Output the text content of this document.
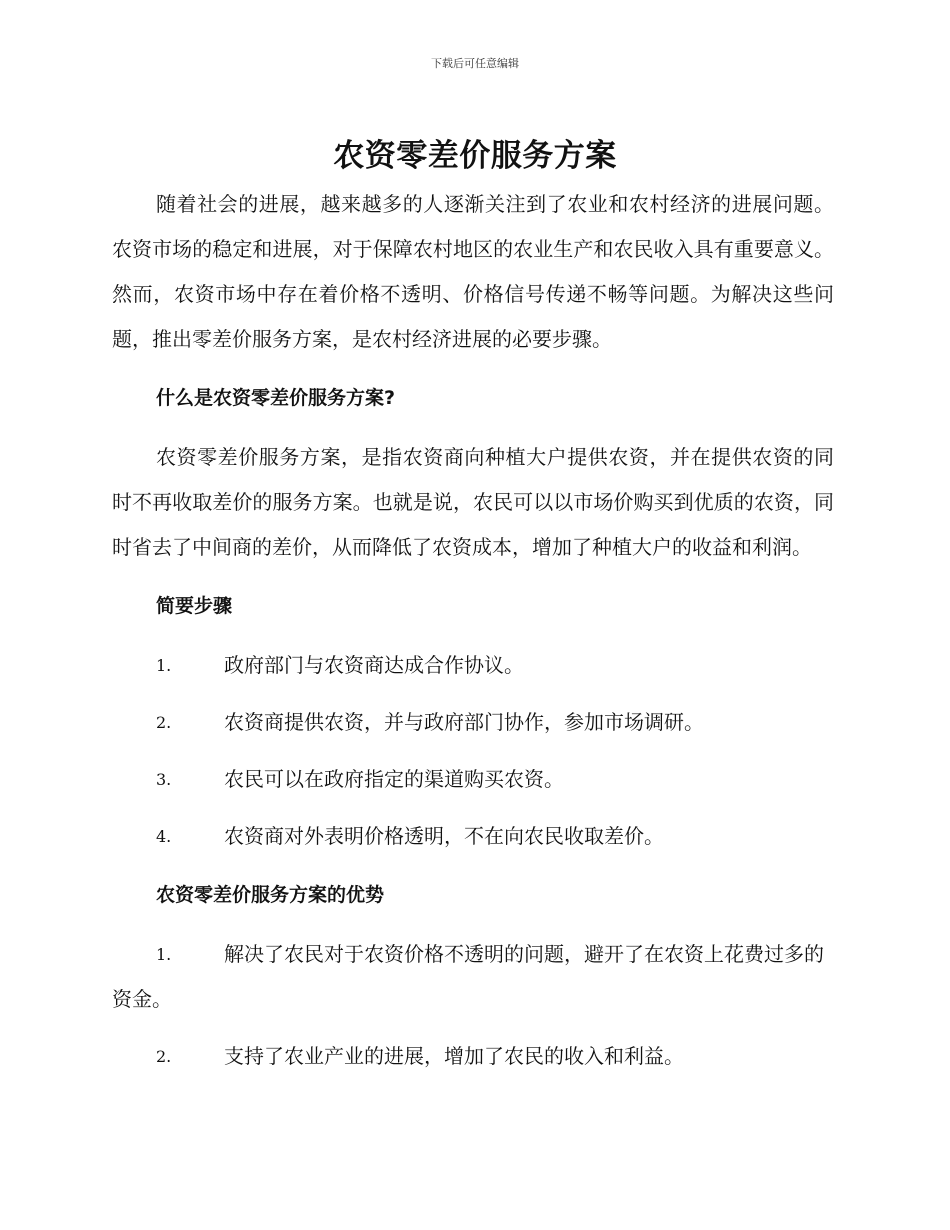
下载后可任意编辑
农资零差价服务方案

随着社会的进展，越来越多的人逐渐关注到了农业和农村经济的进展问题。农资市场的稳定和进展，对于保障农村地区的农业生产和农民收入具有重要意义。然而，农资市场中存在着价格不透明、价格信号传递不畅等问题。为解决这些问题，推出零差价服务方案，是农村经济进展的必要步骤。

什么是农资零差价服务方案?

农资零差价服务方案，是指农资商向种植大户提供农资，并在提供农资的同时不再收取差价的服务方案。也就是说，农民可以以市场价购买到优质的农资，同时省去了中间商的差价，从而降低了农资成本，增加了种植大户的收益和利润。

简要步骤
1.	政府部门与农资商达成合作协议。
2.	农资商提供农资，并与政府部门协作，参加市场调研。
3.	农民可以在政府指定的渠道购买农资。
4.	农资商对外表明价格透明，不在向农民收取差价。
农资零差价服务方案的优势
1.	解决了农民对于农资价格不透明的问题，避开了在农资上花费过多的资金。
2.	支持了农业产业的进展，增加了农民的收入和利益。
